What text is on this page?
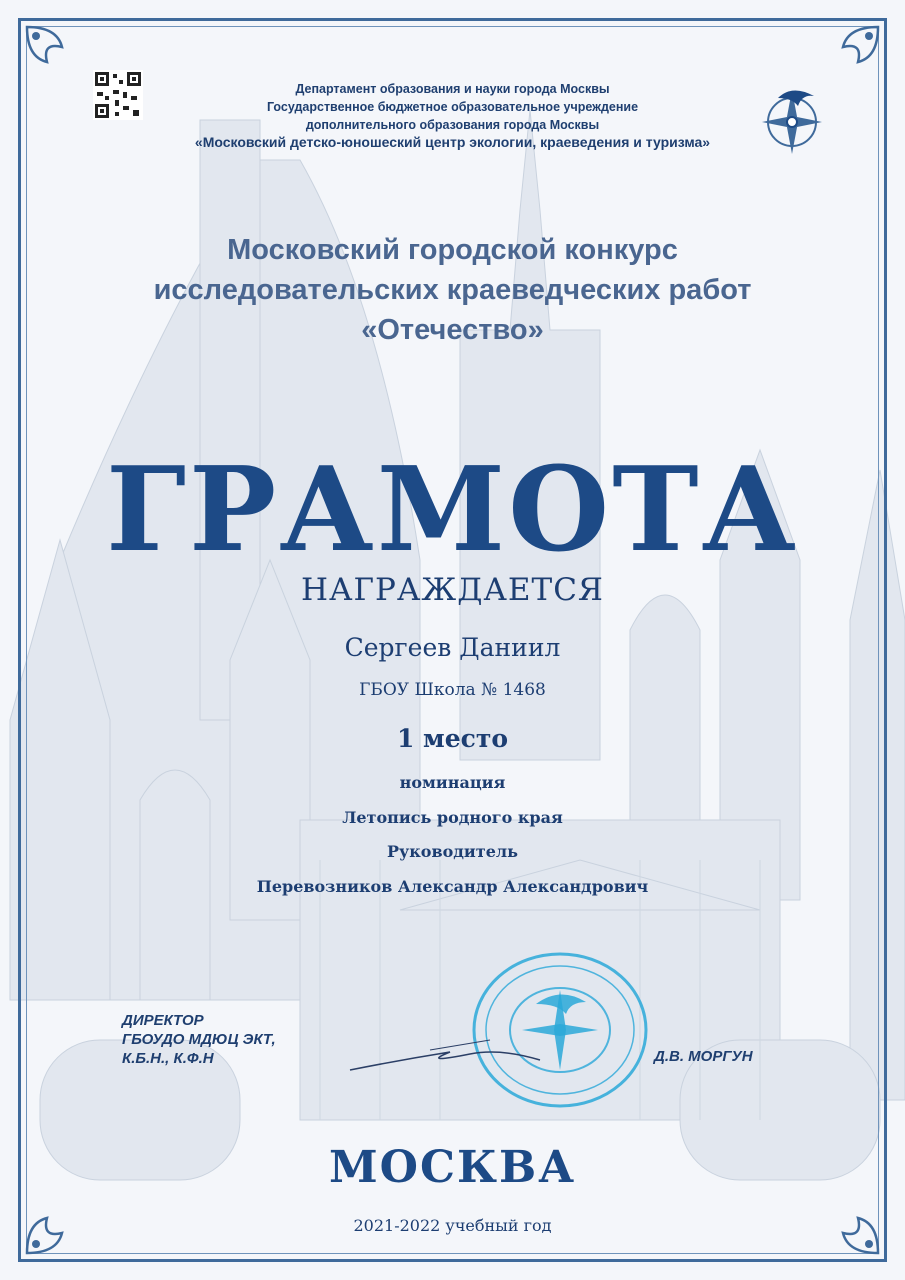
Департамент образования и науки города Москвы
Государственное бюджетное образовательное учреждение
дополнительного образования города Москвы
«Московский детско-юношеский центр экологии, краеведения и туризма»
Московский городской конкурс
исследовательских краеведческих работ
«Отечество»
ГРАМОТА
НАГРАЖДАЕТСЯ
Сергеев Даниил
ГБОУ Школа № 1468
1 место
номинация
Летопись родного края
Руководитель
Перевозников Александр Александрович
ДИРЕКТОР
ГБОУДО МДЮЦ ЭКТ,
К.Б.Н., К.Ф.Н	Д.В. МОРГУН
МОСКВА
2021-2022 учебный год
